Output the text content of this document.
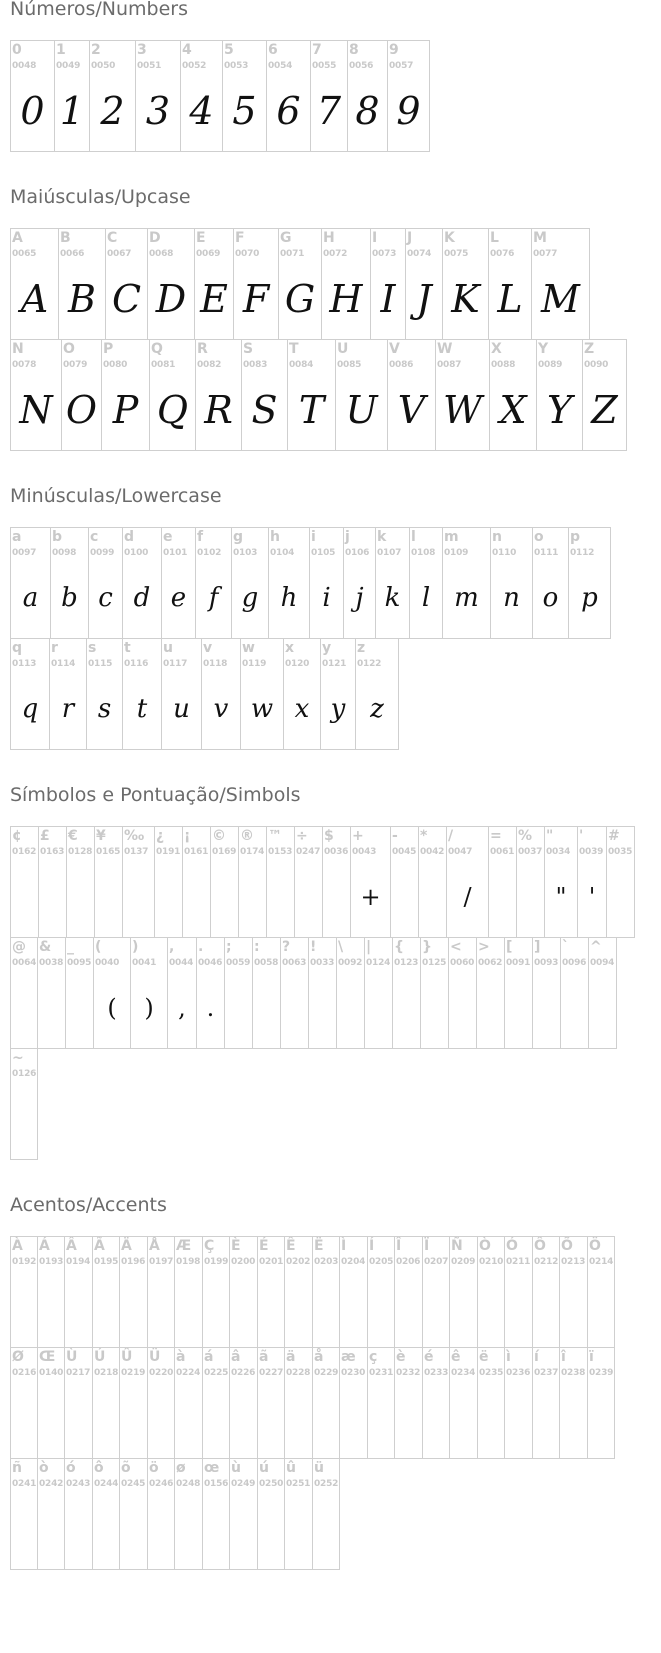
Números/Numbers
0
0048
0
1
0049
1
2
0050
2
3
0051
3
4
0052
4
5
0053
5
6
0054
6
7
0055
7
8
0056
8
9
0057
9
Maiúsculas/Upcase
A
0065
A
B
0066
B
C
0067
C
D
0068
D
E
0069
E
F
0070
F
G
0071
G
H
0072
H
I
0073
I
J
0074
J
K
0075
K
L
0076
L
M
0077
M
N
0078
N
O
0079
O
P
0080
P
Q
0081
Q
R
0082
R
S
0083
S
T
0084
T
U
0085
U
V
0086
V
W
0087
W
X
0088
X
Y
0089
Y
Z
0090
Z
Minúsculas/Lowercase
a
0097
a
b
0098
b
c
0099
c
d
0100
d
e
0101
e
f
0102
f
g
0103
g
h
0104
h
i
0105
i
j
0106
j
k
0107
k
l
0108
l
m
0109
m
n
0110
n
o
0111
o
p
0112
p
q
0113
q
r
0114
r
s
0115
s
t
0116
t
u
0117
u
v
0118
v
w
0119
w
x
0120
x
y
0121
y
z
0122
z
Símbolos e Pontuação/Simbols
¢
0162
£
0163
€
0128
¥
0165
‰
0137
¿
0191
¡
0161
©
0169
®
0174
™
0153
÷
0247
$
0036
+
0043
+
-
0045
*
0042
/
0047
/
=
0061
%
0037
"
0034
"
'
0039
'
#
0035
@
0064
&
0038
_
0095
(
0040
(
)
0041
)
,
0044
,
.
0046
.
;
0059
:
0058
?
0063
!
0033
\
0092
|
0124
{
0123
}
0125
<
0060
>
0062
[
0091
]
0093
`
0096
^
0094
~
0126
Acentos/Accents
À
0192
Á
0193
Â
0194
Ã
0195
Ä
0196
Å
0197
Æ
0198
Ç
0199
È
0200
É
0201
Ê
0202
Ë
0203
Ì
0204
Í
0205
Î
0206
Ï
0207
Ñ
0209
Ò
0210
Ó
0211
Ô
0212
Õ
0213
Ö
0214
Ø
0216
Œ
0140
Ù
0217
Ú
0218
Û
0219
Ü
0220
à
0224
á
0225
â
0226
ã
0227
ä
0228
å
0229
æ
0230
ç
0231
è
0232
é
0233
ê
0234
ë
0235
ì
0236
í
0237
î
0238
ï
0239
ñ
0241
ò
0242
ó
0243
ô
0244
õ
0245
ö
0246
ø
0248
œ
0156
ù
0249
ú
0250
û
0251
ü
0252
